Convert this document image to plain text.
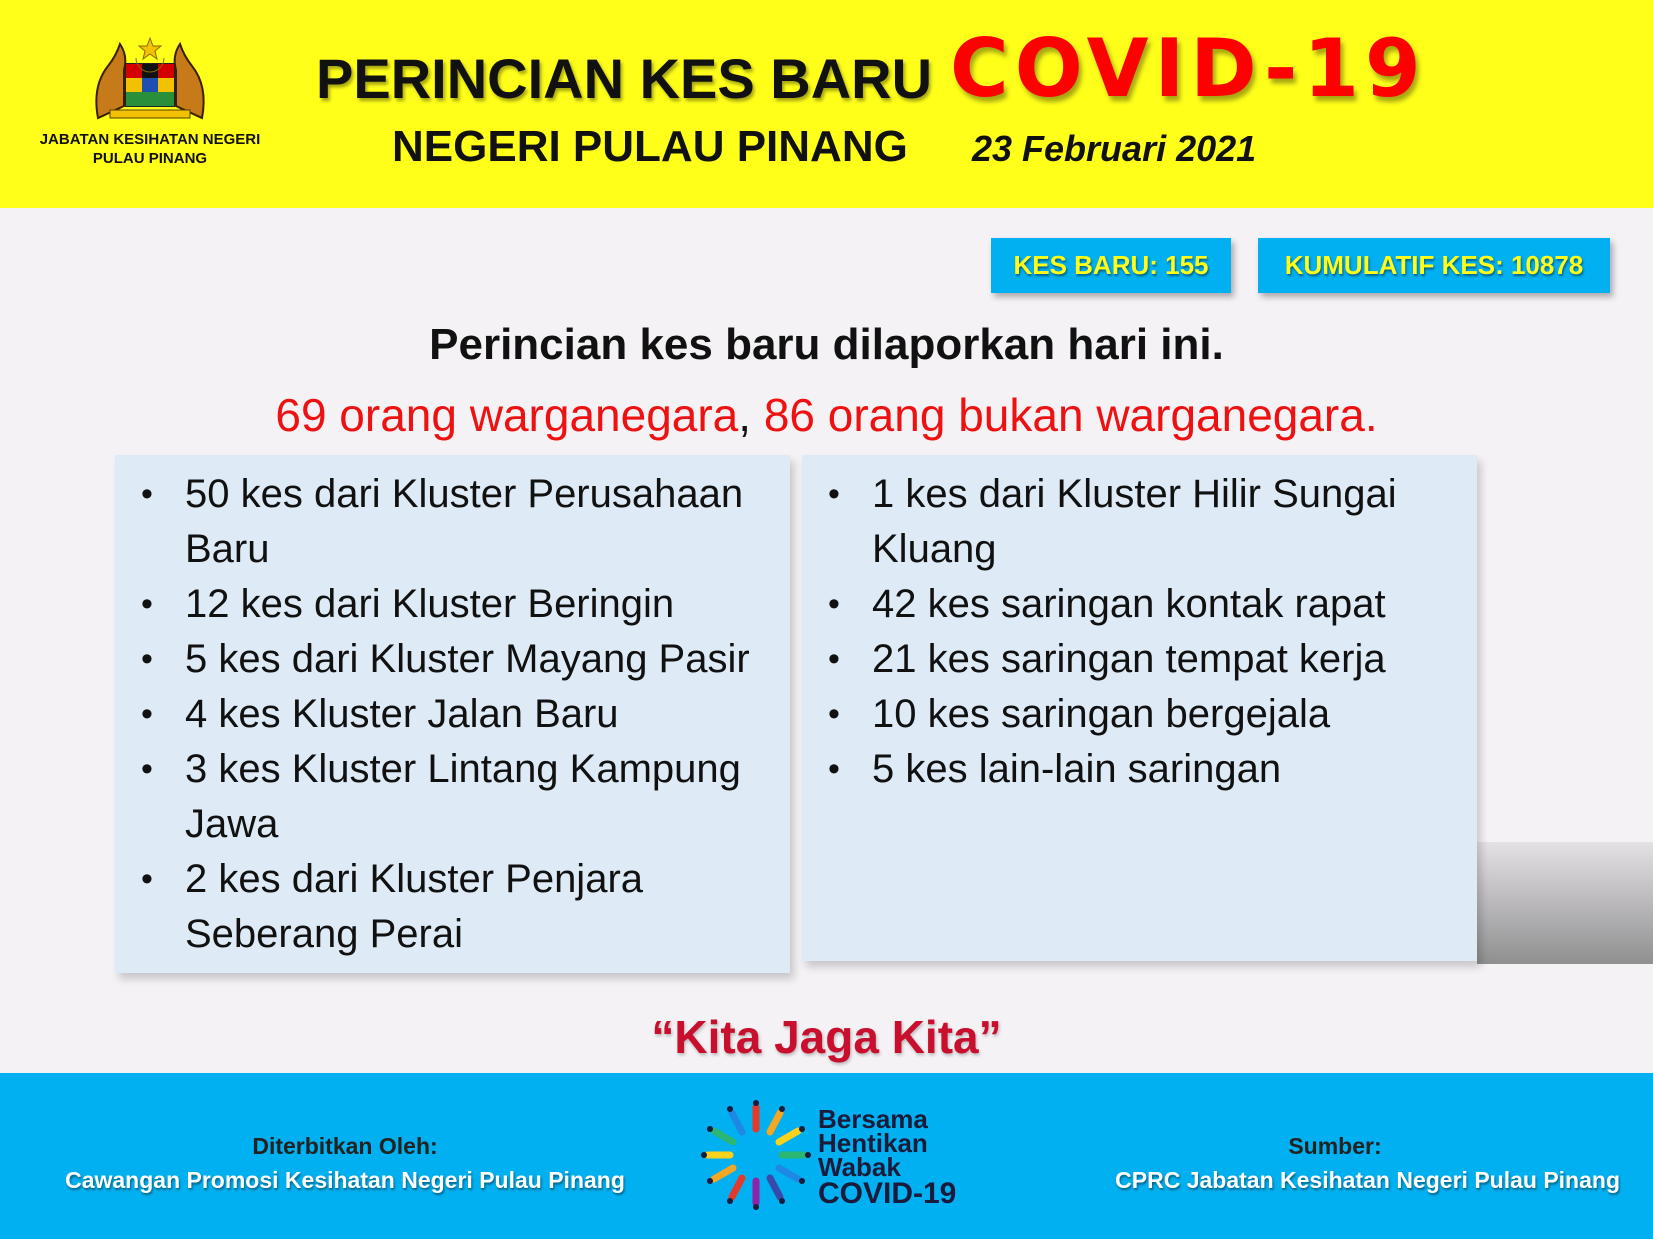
JABATAN KESIHATAN NEGERI
PULAU PINANG
PERINCIAN KES BARU COVID-19
NEGERI PULAU PINANG 23 Februari 2021
KES BARU: 155	KUMULATIF KES: 10878
Perincian kes baru dilaporkan hari ini.
69 orang warganegara, 86 orang bukan warganegara.
• 50 kes dari Kluster Perusahaan Baru
• 12 kes dari Kluster Beringin
• 5 kes dari Kluster Mayang Pasir
• 4 kes Kluster Jalan Baru
• 3 kes Kluster Lintang Kampung Jawa
• 2 kes dari Kluster Penjara Seberang Perai
• 1 kes dari Kluster Hilir Sungai Kluang
• 42 kes saringan kontak rapat
• 21 kes saringan tempat kerja
• 10 kes saringan bergejala
• 5 kes lain-lain saringan
“Kita Jaga Kita”
Diterbitkan Oleh:
Cawangan Promosi Kesihatan Negeri Pulau Pinang
Bersama
Hentikan
Wabak
COVID-19
Sumber:
CPRC Jabatan Kesihatan Negeri Pulau Pinang
